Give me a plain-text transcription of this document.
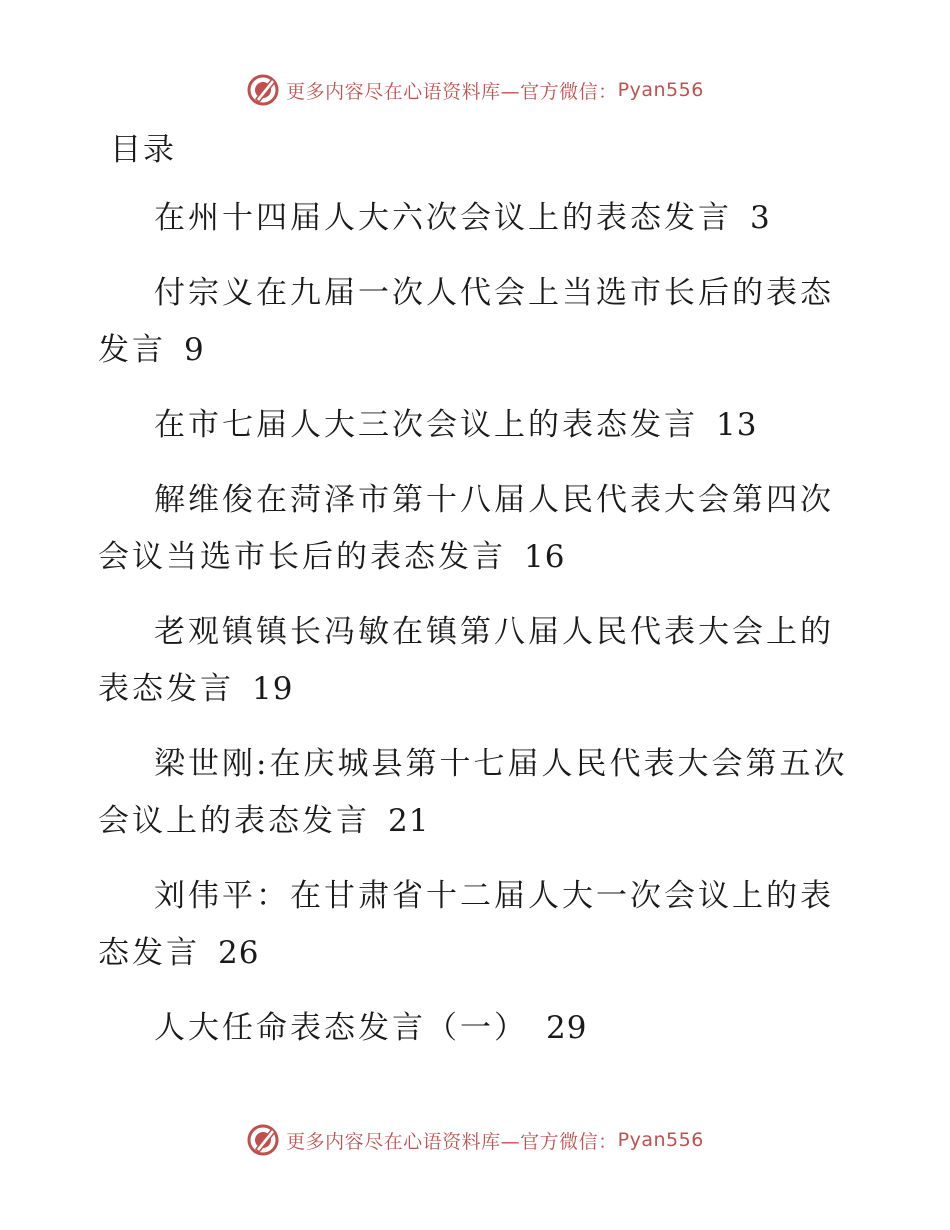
更多内容尽在心语资料库—官方微信： Pyan556
目录
在州十四届人大六次会议上的表态发言 3
付宗义在九届一次人代会上当选市长后的表态发言 9
在市七届人大三次会议上的表态发言 13
解维俊在菏泽市第十八届人民代表大会第四次会议当选市长后的表态发言 16
老观镇镇长冯敏在镇第八届人民代表大会上的表态发言 19
梁世刚:在庆城县第十七届人民代表大会第五次会议上的表态发言 21
刘伟平：在甘肃省十二届人大一次会议上的表态发言 26
人大任命表态发言（一） 29
更多内容尽在心语资料库—官方微信： Pyan556
